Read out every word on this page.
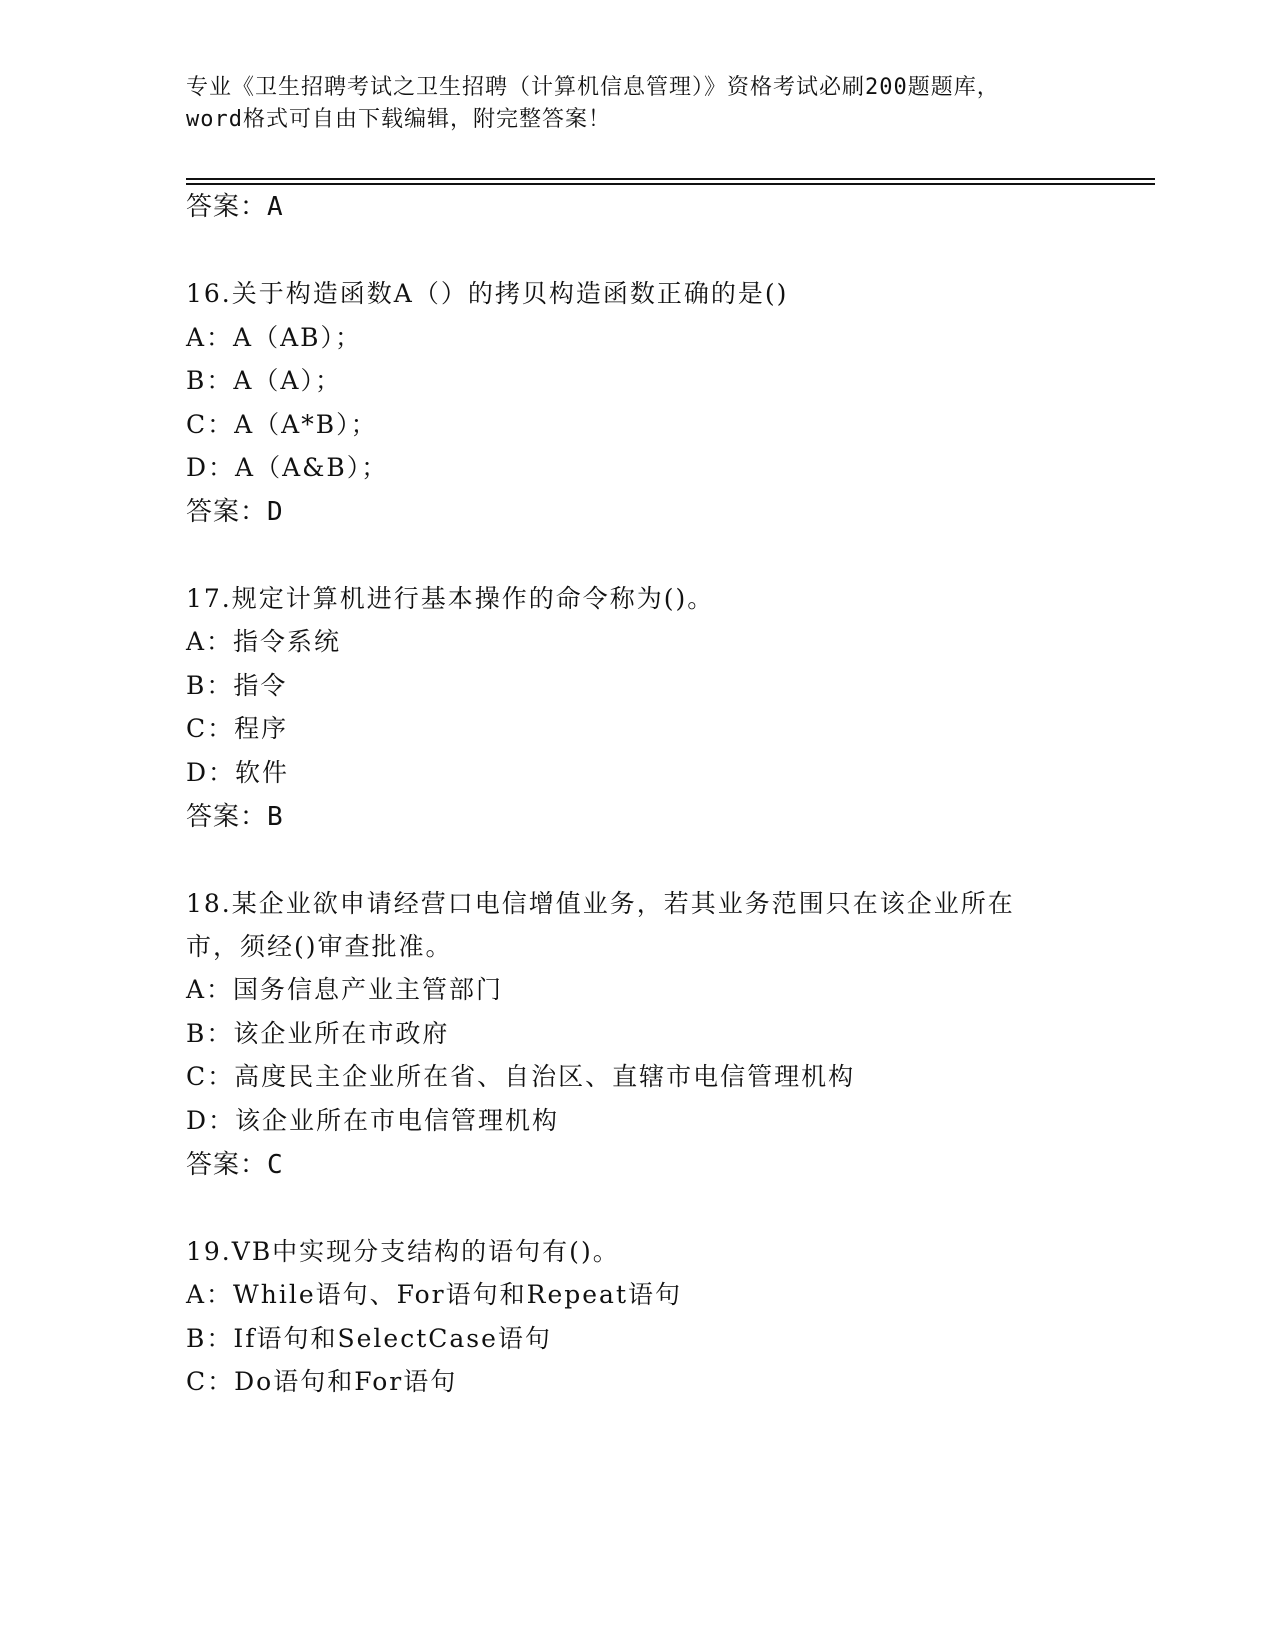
专业《卫生招聘考试之卫生招聘（计算机信息管理）》资格考试必刷200题题库，
word格式可自由下载编辑，附完整答案！
答案：A
16.关于构造函数A（）的拷贝构造函数正确的是()
A：A（AB）；
B：A（A）；
C：A（A*B）；
D：A（A&B）；
答案：D
17.规定计算机进行基本操作的命令称为()。
A：指令系统
B：指令
C：程序
D：软件
答案：B
18.某企业欲申请经营口电信增值业务，若其业务范围只在该企业所在
市，须经()审查批准。
A：国务信息产业主管部门
B：该企业所在市政府
C：高度民主企业所在省、自治区、直辖市电信管理机构
D：该企业所在市电信管理机构
答案：C
19.VB中实现分支结构的语句有()。
A：While语句、For语句和Repeat语句
B：If语句和SelectCase语句
C：Do语句和For语句
